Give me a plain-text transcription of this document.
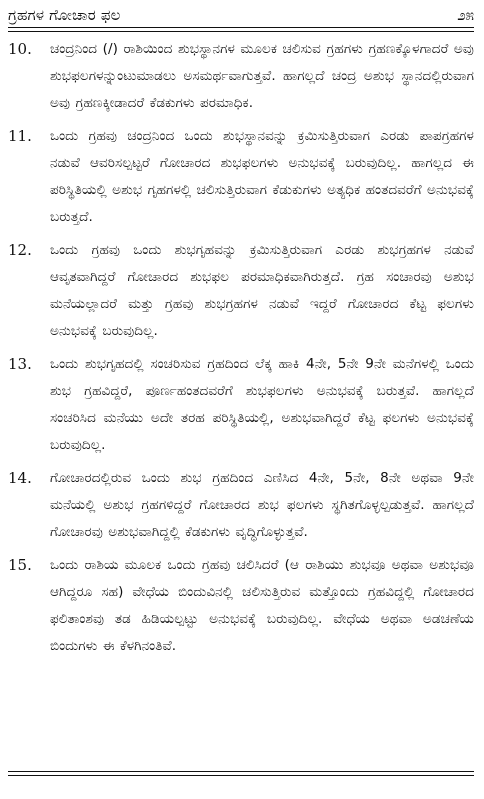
ಗ್ರಹಗಳ ಗೋಚಾರ ಫಲ	೨೫
10. ಚಂದ್ರನಿಂದ (/) ರಾಶಿಯಿಂದ ಶುಭಸ್ಥಾನಗಳ ಮೂಲಕ ಚಲಿಸುವ ಗ್ರಹಗಳು ಗ್ರಹಣಕ್ಕೊಳಗಾದರೆ ಅವು ಶುಭಫಲಗಳನ್ನುಂಟುಮಾಡಲು ಅಸಮರ್ಥವಾಗುತ್ತವೆ. ಹಾಗಲ್ಲದೆ ಚಂದ್ರ ಅಶುಭ ಸ್ಥಾನದಲ್ಲಿರುವಾಗ ಅವು ಗ್ರಹಣಕ್ಕೀಡಾದರೆ ಕೆಡಕುಗಳು ಪರಮಾಧಿಕ.
11. ಒಂದು ಗ್ರಹವು ಚಂದ್ರನಿಂದ ಒಂದು ಶುಭಸ್ಥಾನವನ್ನು ಕ್ರಮಿಸುತ್ತಿರುವಾಗ ಎರಡು ಪಾಪಗ್ರಹಗಳ ನಡುವೆ ಆವರಿಸಲ್ಪಟ್ಟರೆ ಗೋಚಾರದ ಶುಭಫಲಗಳು ಅನುಭವಕ್ಕೆ ಬರುವುದಿಲ್ಲ. ಹಾಗಲ್ಲದ ಈ ಪರಿಸ್ಥಿತಿಯಲ್ಲಿ ಅಶುಭ ಗೃಹಗಳಲ್ಲಿ ಚಲಿಸುತ್ತಿರುವಾಗ ಕೆಡುಕುಗಳು ಅತ್ಯಧಿಕ ಹಂತದವರೆಗೆ ಅನುಭವಕ್ಕೆ ಬರುತ್ತದೆ.
12. ಒಂದು ಗ್ರಹವು ಒಂದು ಶುಭಗೃಹವನ್ನು ಕ್ರಮಿಸುತ್ತಿರುವಾಗ ಎರಡು ಶುಭಗ್ರಹಗಳ ನಡುವೆ ಆವೃತವಾಗಿದ್ದರೆ ಗೋಚಾರದ ಶುಭಫಲ ಪರಮಾಧಿಕವಾಗಿರುತ್ತದೆ. ಗ್ರಹ ಸಂಚಾರವು ಅಶುಭ ಮನೆಯಲ್ಲಾದರೆ ಮತ್ತು ಗ್ರಹವು ಶುಭಗ್ರಹಗಳ ನಡುವೆ ಇದ್ದರೆ ಗೋಚಾರದ ಕೆಟ್ಟ ಫಲಗಳು ಅನುಭವಕ್ಕೆ ಬರುವುದಿಲ್ಲ.
13. ಒಂದು ಶುಭಗೃಹದಲ್ಲಿ ಸಂಚರಿಸುವ ಗ್ರಹದಿಂದ ಲೆಕ್ಕ ಹಾಕಿ 4ನೇ, 5ನೇ 9ನೇ ಮನೆಗಳಲ್ಲಿ ಒಂದು ಶುಭ ಗ್ರಹವಿದ್ದರೆ, ಪೂರ್ಣಹಂತದವರೆಗೆ ಶುಭಫಲಗಳು ಅನುಭವಕ್ಕೆ ಬರುತ್ತವೆ. ಹಾಗಲ್ಲದೆ ಸಂಚರಿಸಿದ ಮನೆಯು ಅದೇ ತರಹ ಪರಿಸ್ಥಿತಿಯಲ್ಲಿ, ಅಶುಭವಾಗಿದ್ದರೆ ಕೆಟ್ಟ ಫಲಗಳು ಅನುಭವಕ್ಕೆ ಬರುವುದಿಲ್ಲ.
14. ಗೋಚಾರದಲ್ಲಿರುವ ಒಂದು ಶುಭ ಗ್ರಹದಿಂದ ಎಣಿಸಿದ 4ನೇ, 5ನೇ, 8ನೇ ಅಥವಾ 9ನೇ ಮನೆಯಲ್ಲಿ ಅಶುಭ ಗ್ರಹಗಳಿದ್ದರೆ ಗೋಚಾರದ ಶುಭ ಫಲಗಳು ಸ್ಥಗಿತಗೊಳ್ಳಲ್ಪಡುತ್ತವೆ. ಹಾಗಲ್ಲದೆ ಗೋಚಾರವು ಅಶುಭವಾಗಿದ್ದಲ್ಲಿ ಕೆಡಕುಗಳು ವೃದ್ಧಿಗೊಳ್ಳುತ್ತವೆ.
15. ಒಂದು ರಾಶಿಯ ಮೂಲಕ ಒಂದು ಗ್ರಹವು ಚಲಿಸಿದರೆ (ಆ ರಾಶಿಯು ಶುಭವೂ ಅಥವಾ ಅಶುಭವೂ ಆಗಿದ್ದರೂ ಸಹ) ವೇಧೆಯ ಬಿಂದುವಿನಲ್ಲಿ ಚಲಿಸುತ್ತಿರುವ ಮತ್ತೊಂದು ಗ್ರಹವಿದ್ದಲ್ಲಿ ಗೋಚಾರದ ಫಲಿತಾಂಶವು ತಡ ಹಿಡಿಯಲ್ಪಟ್ಟು ಅನುಭವಕ್ಕೆ ಬರುವುದಿಲ್ಲ. ವೇಧೆಯ ಅಥವಾ ಅಡಚಣೆಯ ಬಿಂದುಗಳು ಈ ಕೆಳಗಿನಂತಿವೆ.
